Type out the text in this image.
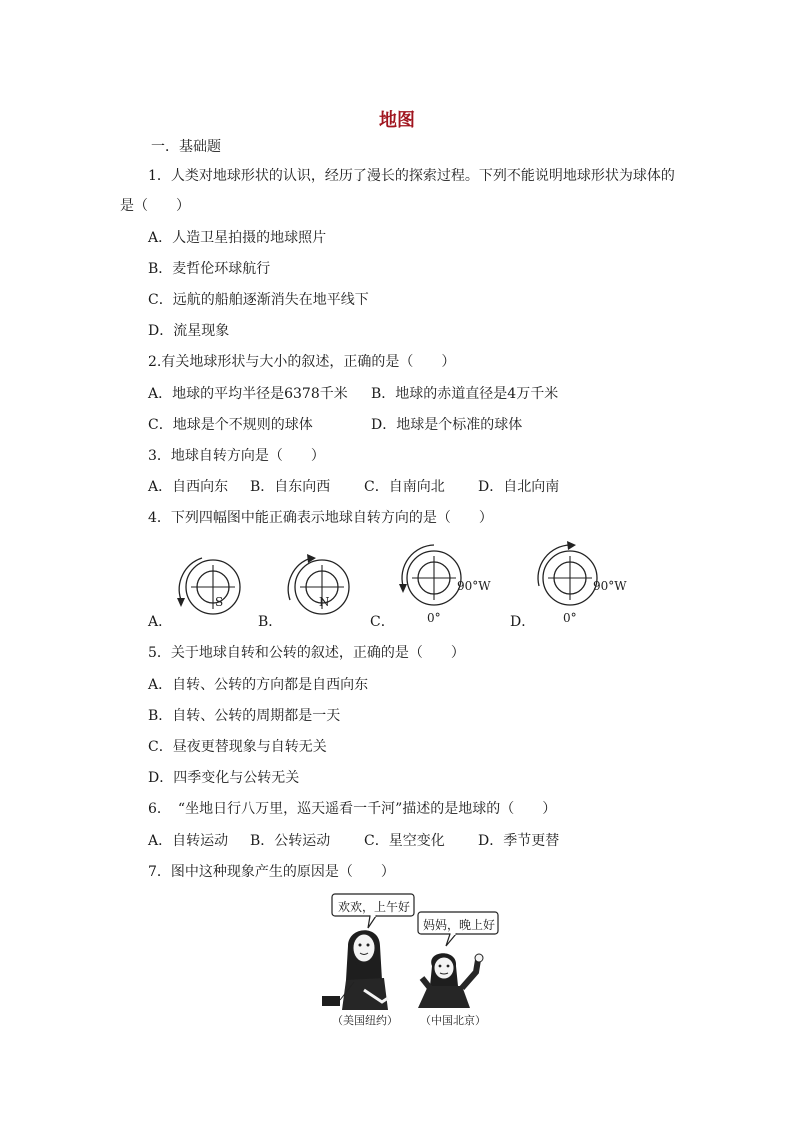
地图
一．基础题
1．人类对地球形状的认识，经历了漫长的探索过程。下列不能说明地球形状为球体的
是（　　）
A．人造卫星拍摄的地球照片
B．麦哲伦环球航行
C．远航的船舶逐渐消失在地平线下
D．流星现象
2.有关地球形状与大小的叙述，正确的是（　　）
A．地球的平均半径是6378千米 B．地球的赤道直径是4万千米
C．地球是个不规则的球体	D．地球是个标准的球体
3．地球自转方向是（　　）
A．自西向东 B．自东向西 C．自南向北 D．自北向南
4．下列四幅图中能正确表示地球自转方向的是（　　）
S
A．
N
B．
90°W
0°
C．
90°W
0°
D．
5．关于地球自转和公转的叙述，正确的是（　　）
A．自转、公转的方向都是自西向东
B．自转、公转的周期都是一天
C．昼夜更替现象与自转无关
D．四季变化与公转无关
6．　“坐地日行八万里，巡天遥看一千河”描述的是地球的（　　）
A．自转运动 B．公转运动 C．星空变化 D．季节更替
7．图中这种现象产生的原因是（　　）
欢欢，上午好
妈妈，晚上好
（美国纽约） （中国北京）
